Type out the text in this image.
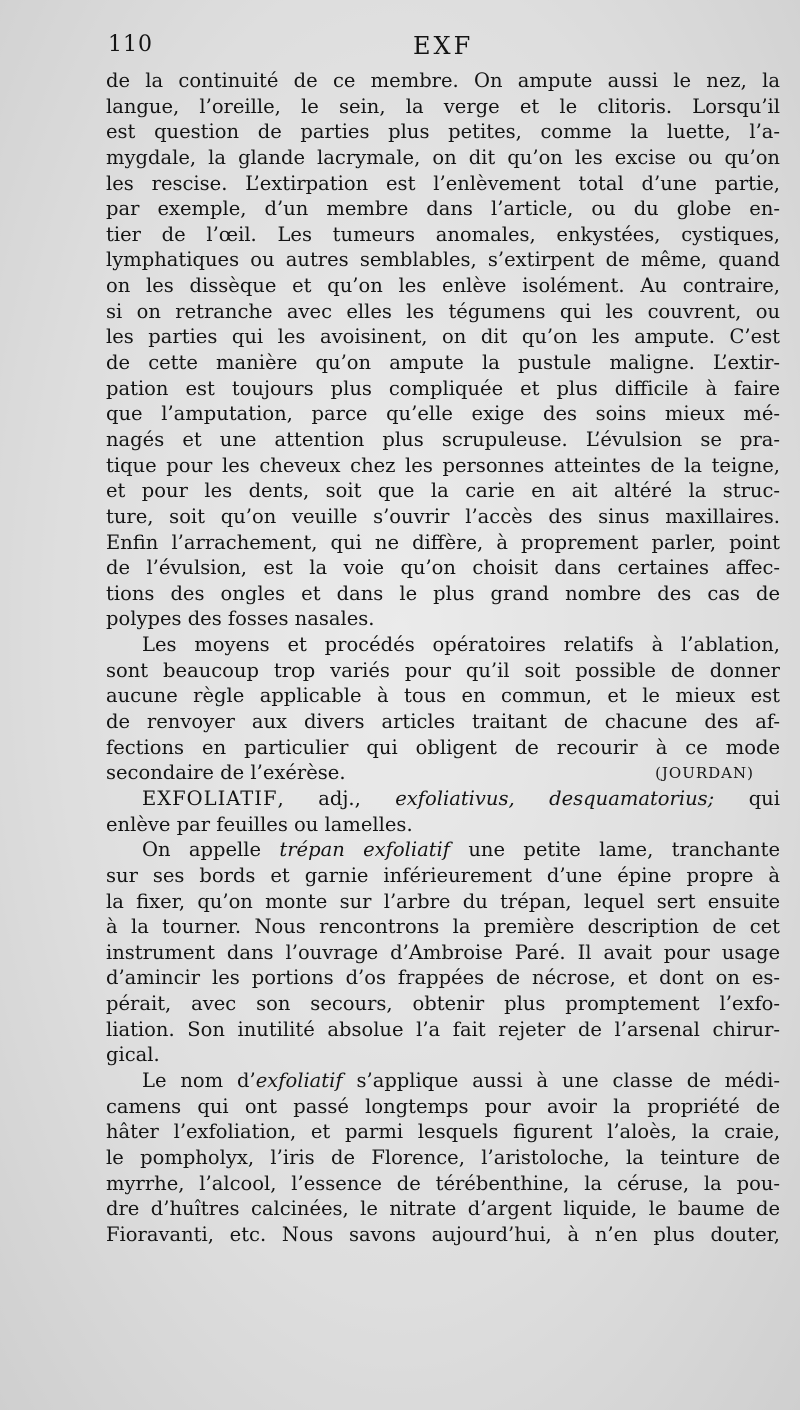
110	EXF
de la continuité de ce membre. On ampute aussi le nez, la
langue, l’oreille, le sein, la verge et le clitoris. Lorsqu’il
est question de parties plus petites, comme la luette, l’a-
mygdale, la glande lacrymale, on dit qu’on les excise ou qu’on
les rescise. L’extirpation est l’enlèvement total d’une partie,
par exemple, d’un membre dans l’article, ou du globe en-
tier de l’œil. Les tumeurs anomales, enkystées, cystiques,
lymphatiques ou autres semblables, s’extirpent de même, quand
on les dissèque et qu’on les enlève isolément. Au contraire,
si on retranche avec elles les tégumens qui les couvrent, ou
les parties qui les avoisinent, on dit qu’on les ampute. C’est
de cette manière qu’on ampute la pustule maligne. L’extir-
pation est toujours plus compliquée et plus difficile à faire
que l’amputation, parce qu’elle exige des soins mieux mé-
nagés et une attention plus scrupuleuse. L’évulsion se pra-
tique pour les cheveux chez les personnes atteintes de la teigne,
et pour les dents, soit que la carie en ait altéré la struc-
ture, soit qu’on veuille s’ouvrir l’accès des sinus maxillaires.
Enfin l’arrachement, qui ne diffère, à proprement parler, point
de l’évulsion, est la voie qu’on choisit dans certaines affec-
tions des ongles et dans le plus grand nombre des cas de
polypes des fosses nasales.
Les moyens et procédés opératoires relatifs à l’ablation,
sont beaucoup trop variés pour qu’il soit possible de donner
aucune règle applicable à tous en commun, et le mieux est
de renvoyer aux divers articles traitant de chacune des af-
fections en particulier qui obligent de recourir à ce mode
secondaire de l’exérèse.	(JOURDAN)
EXFOLIATIF, adj., exfoliativus, desquamatorius; qui
enlève par feuilles ou lamelles.
On appelle trépan exfoliatif une petite lame, tranchante
sur ses bords et garnie inférieurement d’une épine propre à
la fixer, qu’on monte sur l’arbre du trépan, lequel sert ensuite
à la tourner. Nous rencontrons la première description de cet
instrument dans l’ouvrage d’Ambroise Paré. Il avait pour usage
d’amincir les portions d’os frappées de nécrose, et dont on es-
pérait, avec son secours, obtenir plus promptement l’exfo-
liation. Son inutilité absolue l’a fait rejeter de l’arsenal chirur-
gical.
Le nom d’exfoliatif s’applique aussi à une classe de médi-
camens qui ont passé longtemps pour avoir la propriété de
hâter l’exfoliation, et parmi lesquels figurent l’aloès, la craie,
le pompholyx, l’iris de Florence, l’aristoloche, la teinture de
myrrhe, l’alcool, l’essence de térébenthine, la céruse, la pou-
dre d’huîtres calcinées, le nitrate d’argent liquide, le baume de
Fioravanti, etc. Nous savons aujourd’hui, à n’en plus douter,
